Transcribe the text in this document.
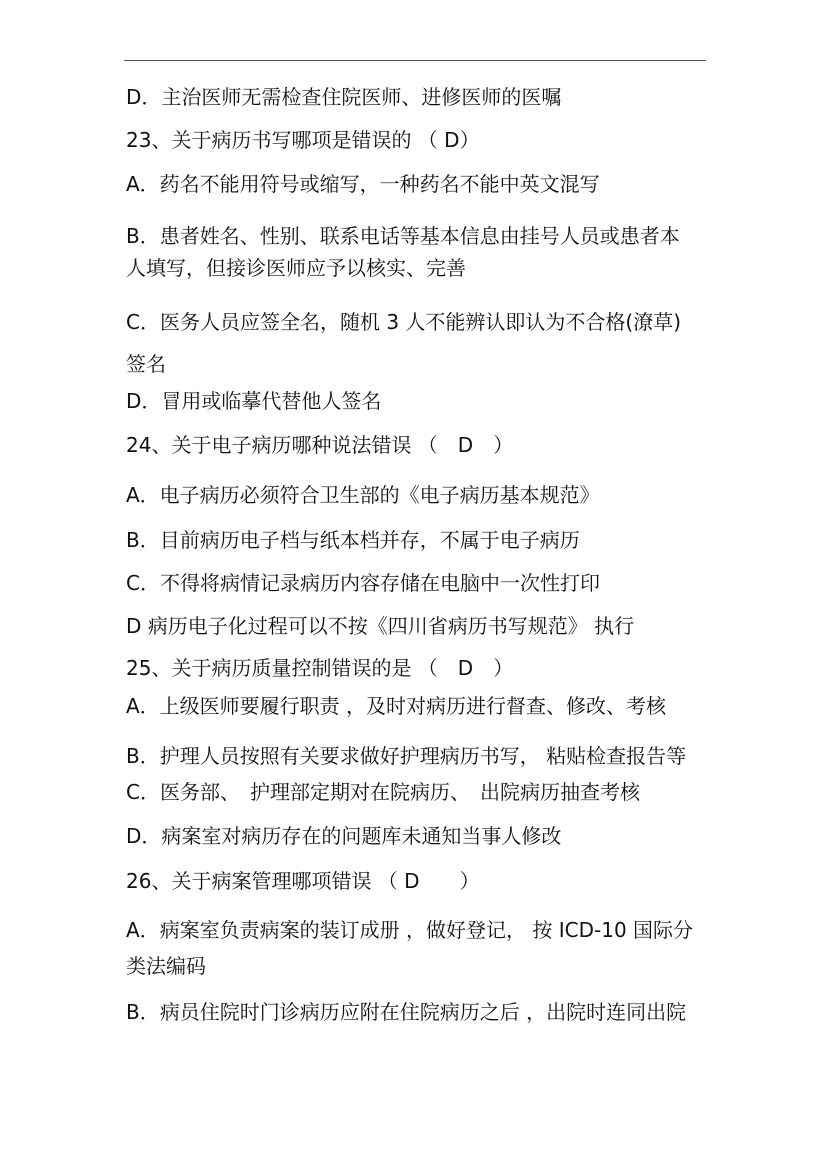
D．主治医师无需检查住院医师、进修医师的医嘱
23、关于病历书写哪项是错误的 （ D）
A．药名不能用符号或缩写，一种药名不能中英文混写
B．患者姓名、性别、联系电话等基本信息由挂号人员或患者本
人填写，但接诊医师应予以核实、完善
C．医务人员应签全名，随机 3 人不能辨认即认为不合格(潦草)
签名
D．冒用或临摹代替他人签名
24、关于电子病历哪种说法错误 （　D　）
A．电子病历必须符合卫生部的《电子病历基本规范》
B．目前病历电子档与纸本档并存，不属于电子病历
C．不得将病情记录病历内容存储在电脑中一次性打印
D 病历电子化过程可以不按《四川省病历书写规范》 执行
25、关于病历质量控制错误的是 （　D　）
A．上级医师要履行职责 ，及时对病历进行督查、修改、考核
B．护理人员按照有关要求做好护理病历书写， 粘贴检查报告等
C．医务部、　护理部定期对在院病历、　出院病历抽查考核
D．病案室对病历存在的问题库未通知当事人修改
26、关于病案管理哪项错误 （ D　　）
A．病案室负责病案的装订成册 ，做好登记， 按 ICD-10 国际分
类法编码
B．病员住院时门诊病历应附在住院病历之后 ，出院时连同出院
